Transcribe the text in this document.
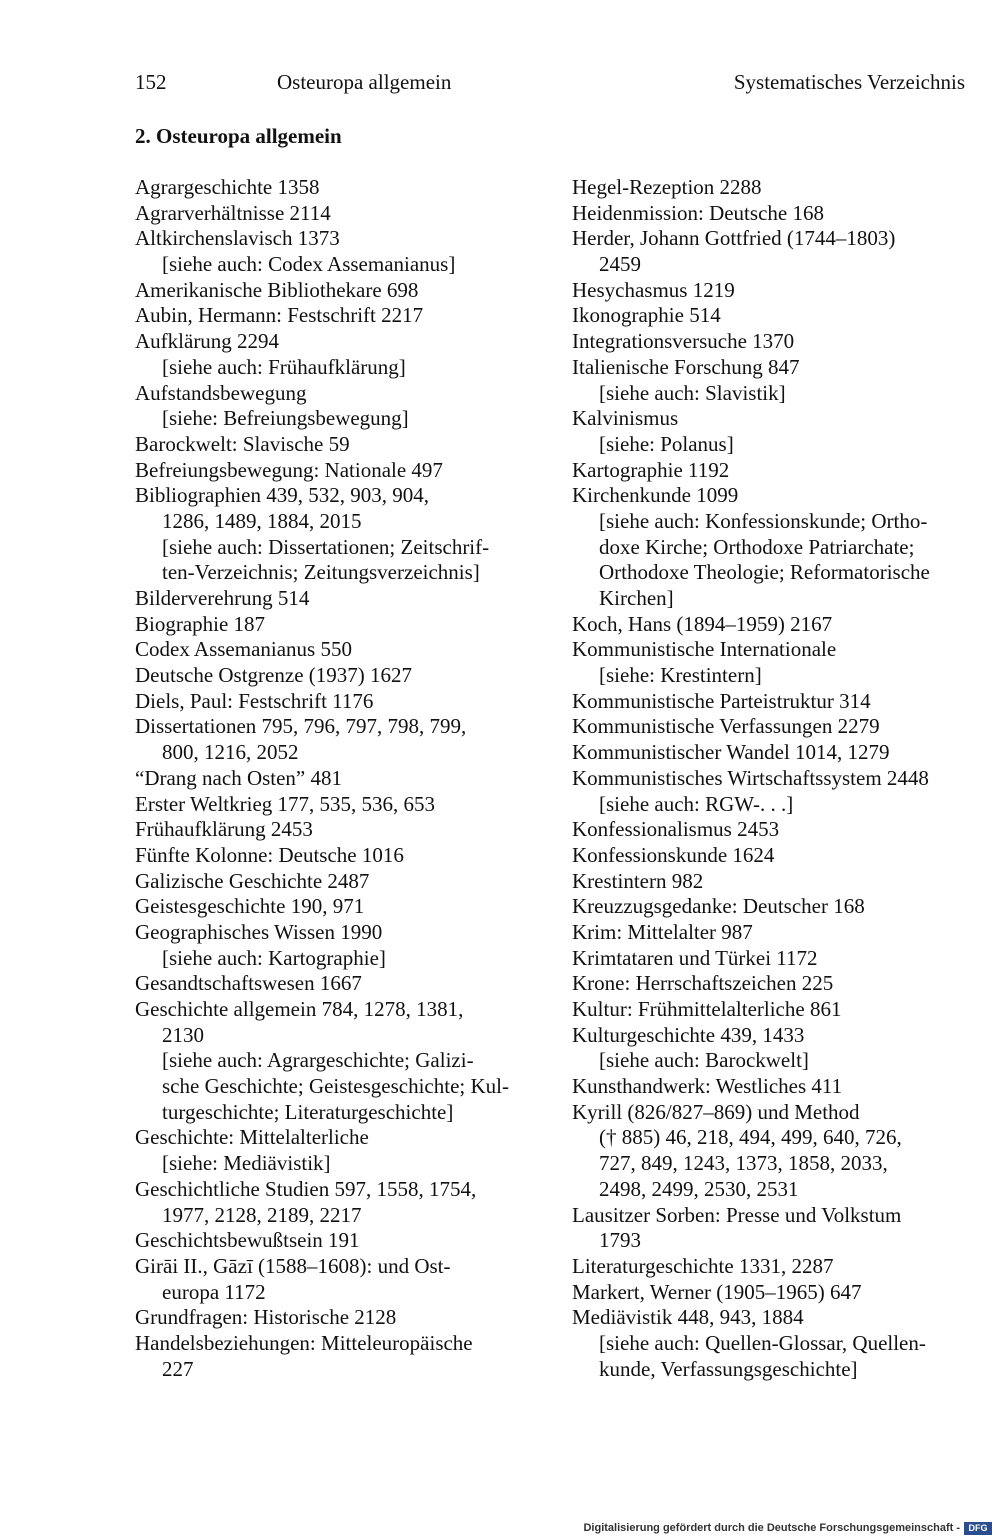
152	Osteuropa allgemein	Systematisches Verzeichnis
2. Osteuropa allgemein
Agrargeschichte 1358
Agrarverhältnisse 2114
Altkirchenslavisch 1373
[siehe auch: Codex Assemanianus]
Amerikanische Bibliothekare 698
Aubin, Hermann: Festschrift 2217
Aufklärung 2294
[siehe auch: Frühaufklärung]
Aufstandsbewegung
[siehe: Befreiungsbewegung]
Barockwelt: Slavische 59
Befreiungsbewegung: Nationale 497
Bibliographien 439, 532, 903, 904,
1286, 1489, 1884, 2015
[siehe auch: Dissertationen; Zeitschrif-
ten-Verzeichnis; Zeitungsverzeichnis]
Bilderverehrung 514
Biographie 187
Codex Assemanianus 550
Deutsche Ostgrenze (1937) 1627
Diels, Paul: Festschrift 1176
Dissertationen 795, 796, 797, 798, 799,
800, 1216, 2052
“Drang nach Osten” 481
Erster Weltkrieg 177, 535, 536, 653
Frühaufklärung 2453
Fünfte Kolonne: Deutsche 1016
Galizische Geschichte 2487
Geistesgeschichte 190, 971
Geographisches Wissen 1990
[siehe auch: Kartographie]
Gesandtschaftswesen 1667
Geschichte allgemein 784, 1278, 1381,
2130
[siehe auch: Agrargeschichte; Galizi-
sche Geschichte; Geistesgeschichte; Kul-
turgeschichte; Literaturgeschichte]
Geschichte: Mittelalterliche
[siehe: Mediävistik]
Geschichtliche Studien 597, 1558, 1754,
1977, 2128, 2189, 2217
Geschichtsbewußtsein 191
Girāi II., Gāzī (1588–1608): und Ost-
europa 1172
Grundfragen: Historische 2128
Handelsbeziehungen: Mitteleuropäische
227
Hegel-Rezeption 2288
Heidenmission: Deutsche 168
Herder, Johann Gottfried (1744–1803)
2459
Hesychasmus 1219
Ikonographie 514
Integrationsversuche 1370
Italienische Forschung 847
[siehe auch: Slavistik]
Kalvinismus
[siehe: Polanus]
Kartographie 1192
Kirchenkunde 1099
[siehe auch: Konfessionskunde; Ortho-
doxe Kirche; Orthodoxe Patriarchate;
Orthodoxe Theologie; Reformatorische
Kirchen]
Koch, Hans (1894–1959) 2167
Kommunistische Internationale
[siehe: Krestintern]
Kommunistische Parteistruktur 314
Kommunistische Verfassungen 2279
Kommunistischer Wandel 1014, 1279
Kommunistisches Wirtschaftssystem 2448
[siehe auch: RGW-. . .]
Konfessionalismus 2453
Konfessionskunde 1624
Krestintern 982
Kreuzzugsgedanke: Deutscher 168
Krim: Mittelalter 987
Krimtataren und Türkei 1172
Krone: Herrschaftszeichen 225
Kultur: Frühmittelalterliche 861
Kulturgeschichte 439, 1433
[siehe auch: Barockwelt]
Kunsthandwerk: Westliches 411
Kyrill (826/827–869) und Method
(† 885) 46, 218, 494, 499, 640, 726,
727, 849, 1243, 1373, 1858, 2033,
2498, 2499, 2530, 2531
Lausitzer Sorben: Presse und Volkstum
1793
Literaturgeschichte 1331, 2287
Markert, Werner (1905–1965) 647
Mediävistik 448, 943, 1884
[siehe auch: Quellen-Glossar, Quellen-
kunde, Verfassungsgeschichte]
Digitalisierung gefördert durch die Deutsche Forschungsgemeinschaft - DFG
